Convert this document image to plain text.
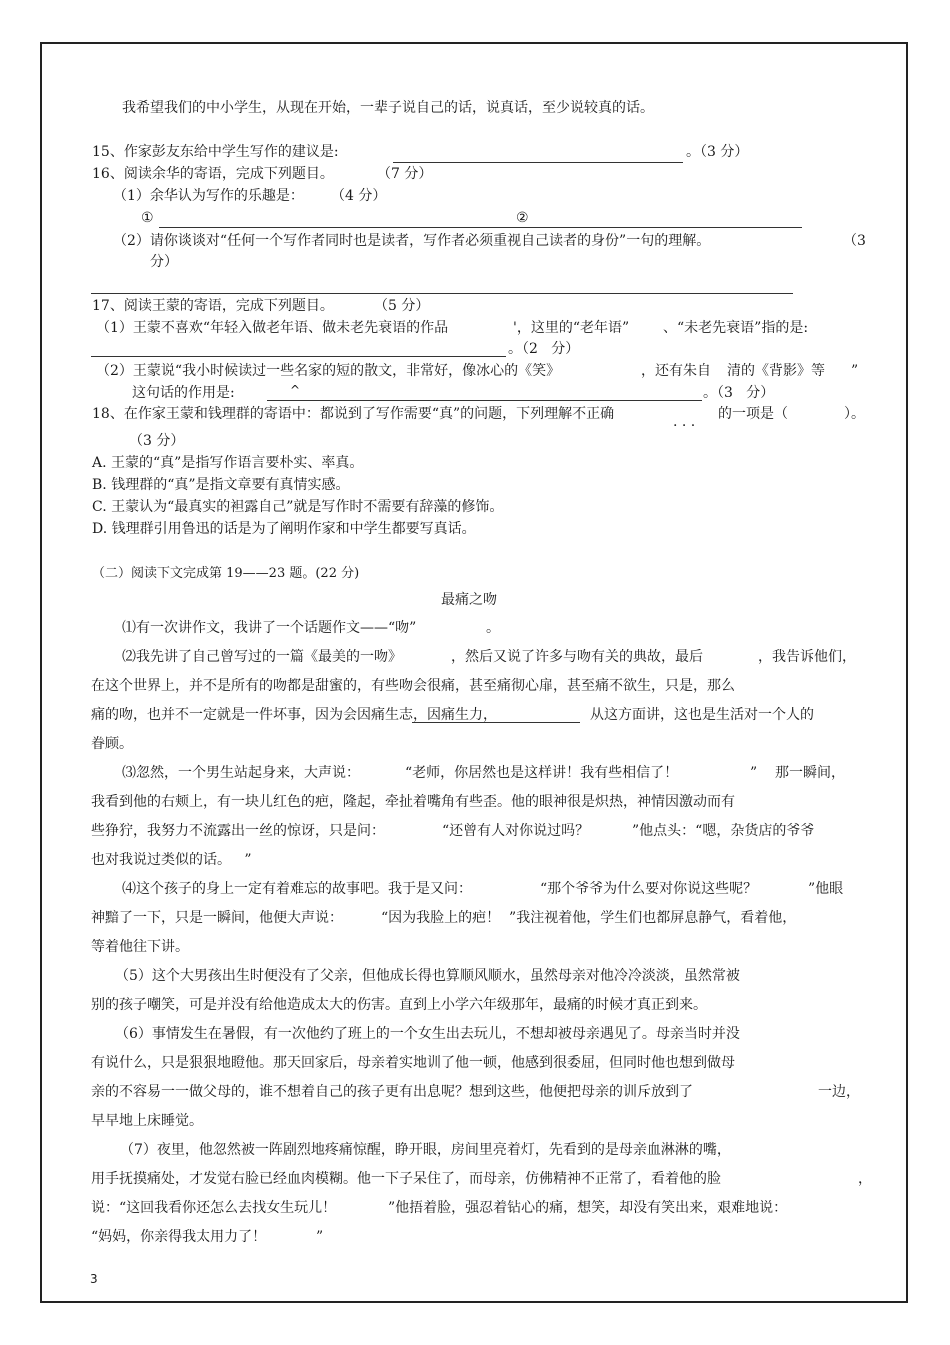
我希望我们的中小学生，从现在开始，一辈子说自己的话，说真话，至少说较真的话。
15、作家彭友东给中学生写作的建议是:	。（3 分）
16、阅读余华的寄语，完成下列题目。	（7 分）
（1）余华认为写作的乐趣是： （4 分）
①	②
（2）请你谈谈对“任何一个写作者同时也是读者，写作者必须重视自己读者的身份”一句的理解。	（3
分）
17、阅读王蒙的寄语，完成下列题目。	（5 分）
（1）王蒙不喜欢“年轻入做老年语、做未老先衰语的作品	'，这里的“老年语” 、“未老先衰语”指的是:
。（2   分）
（2）王蒙说“我小时候读过一些名家的短的散文，非常好，像冰心的《笑》	，还有朱自 清的《背影》等 ”
这句话的作用是:	^	。（3   分）
18、在作家王蒙和钱理群的寄语中：都说到了写作需要“真”的问题，下列理解不正确	. . . 的一项是（	）。
（3 分）
A. 王蒙的“真”是指写作语言要朴实、率真。
B. 钱理群的“真”是指文章要有真情实感。
C. 王蒙认为“最真实的袒露自己”就是写作时不需要有辞藻的修饰。
D. 钱理群引用鲁迅的话是为了阐明作家和中学生都要写真话。
（二）阅读下文完成第 19——23 题。(22 分)
最痛之吻
⑴有一次讲作文，我讲了一个话题作文——“吻”	。
⑵我先讲了自己曾写过的一篇《最美的一吻》	，然后又说了许多与吻有关的典故，最后	，我告诉他们，
在这个世界上，并不是所有的吻都是甜蜜的，有些吻会很痛，甚至痛彻心扉，甚至痛不欲生，只是，那么
痛的吻，也并不一定就是一件坏事，因为会因痛生志，因痛生力，	从这方面讲，这也是生活对一个人的
眷顾。
⑶忽然，一个男生站起身来，大声说：	“老师，你居然也是这样讲！我有些相信了！	” 那一瞬间，
我看到他的右颊上，有一块儿红色的疤，隆起，牵扯着嘴角有些歪。他的眼神很是炽热，神情因激动而有
些狰狞，我努力不流露出一丝的惊讶，只是问：	“还曾有人对你说过吗？	”他点头：“嗯，杂货店的爷爷
也对我说过类似的话。   ”
⑷这个孩子的身上一定有着难忘的故事吧。我于是又问：	“那个爷爷为什么要对你说这些呢？	”他眼
神黯了一下，只是一瞬间，他便大声说：	“因为我脸上的疤！  ”我注视着他，学生们也都屏息静气，看着他，
等着他往下讲。
（5）这个大男孩出生时便没有了父亲，但他成长得也算顺风顺水，虽然母亲对他冷冷淡淡，虽然常被
别的孩子嘲笑，可是并没有给他造成太大的伤害。直到上小学六年级那年，最痛的时候才真正到来。
（6）事情发生在暑假，有一次他约了班上的一个女生出去玩儿，不想却被母亲遇见了。母亲当时并没
有说什么，只是狠狠地瞪他。那天回家后，母亲着实地训了他一顿，他感到很委屈，但同时他也想到做母
亲的不容易一一做父母的，谁不想着自己的孩子更有出息呢？想到这些，他便把母亲的训斥放到了	一边，
早早地上床睡觉。
（7）夜里，他忽然被一阵剧烈地疼痛惊醒，睁开眼，房间里亮着灯，先看到的是母亲血淋淋的嘴，
用手抚摸痛处，才发觉右脸已经血肉模糊。他一下子呆住了，而母亲，仿佛精神不正常了，看着他的脸	，
说：“这回我看你还怎么去找女生玩儿！	”他捂着脸，强忍着钻心的痛，想笑，却没有笑出来，艰难地说：
“妈妈，你亲得我太用力了！	”
3
